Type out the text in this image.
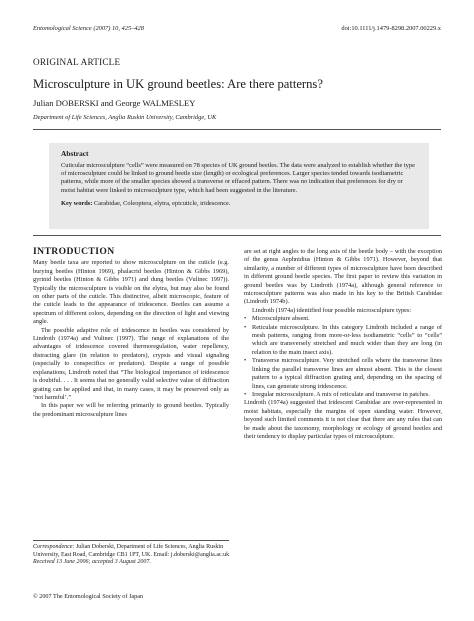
Entomological Science (2007) 10, 425–428	doi:10.1111/j.1479-8298.2007.00229.x
ORIGINAL ARTICLE
Microsculpture in UK ground beetles: Are there patterns?
Julian DOBERSKI and George WALMESLEY
Department of Life Sciences, Anglia Ruskin University, Cambridge, UK
Abstract
Cuticular microsculpture “cells” were measured on 78 species of UK ground beetles. The data were analyzed to establish whether the type of microsculpture could be linked to ground beetle size (length) or ecological preferences. Larger species tended towards isodiametric patterns, while more of the smaller species showed a transverse or effaced pattern. There was no indication that preferences for dry or moist habitat were linked to microsculpture type, which had been suggested in the literature.
Key words: Carabidae, Coleoptera, elytra, epicuticle, iridescence.
INTRODUCTION

Many beetle taxa are reported to show microsculpture on the cuticle (e.g. burying beetles (Hinton 1969), phalacrid beetles (Hinton & Gibbs 1969), gyrinid beetles (Hinton & Gibbs 1971) and dung beetles (Vulinec 1997)). Typically the microsculpture is visible on the elytra, but may also be found on other parts of the cuticle. This distinctive, albeit microscopic, feature of the cuticle leads to the appearance of iridescence. Beetles can assume a spectrum of different colors, depending on the direction of light and viewing angle.

The possible adaptive role of iridescence in beetles was considered by Lindroth (1974a) and Vulinec (1997). The range of explanations of the advantages of iridescence covered thermoregulation, water repellency, distracting glare (in relation to predators), crypsis and visual signaling (especially to conspecifics or predators). Despite a range of possible explanations, Lindroth noted that “The biological importance of iridescence is doubtful. . . . It seems that no generally valid selective value of diffraction grating can be applied and that, in many cases, it may be preserved only as ‘not harmful’.”

In this paper we will be referring primarily to ground beetles. Typically the predominant microsculpture lines

are set at right angles to the long axis of the beetle body – with the exception of the genus Aephnidius (Hinton & Gibbs 1971). However, beyond that similarity, a number of different types of microsculpture have been described in different ground beetle species. The first paper to review this variation in ground beetles was by Lindroth (1974a), although general reference to microsculpture patterns was also made in his key to the British Carabidae (Lindroth 1974b).

Lindroth (1974a) identified four possible microsculpture types:

• Microsculpture absent.
• Reticulate microsculpture. In this category Lindroth included a range of mesh patterns, ranging from more-or-less isodiametric “cells” to “cells” which are transversely stretched and much wider than they are long (in relation to the main insect axis).
• Transverse microsculpture. Very stretched cells where the transverse lines linking the parallel transverse lines are almost absent. This is the closest pattern to a typical diffraction grating and, depending on the spacing of lines, can generate strong iridescence.
• Irregular microsculpture. A mix of reticulate and transverse in patches.

Lindroth (1974a) suggested that iridescent Carabidae are over-represented in moist habitats, especially the margins of open standing water. However, beyond such limited comments it is not clear that there are any rules that can be made about the taxonomy, morphology or ecology of ground beetles and their tendency to display particular types of microsculpture.

Correspondence: Julian Doberski, Department of Life Sciences, Anglia Ruskin University, East Road, Cambridge CB1 1PT, UK. Email: j.doberski@anglia.ac.uk
Received 13 June 2006; accepted 3 August 2007.
© 2007 The Entomological Society of Japan
